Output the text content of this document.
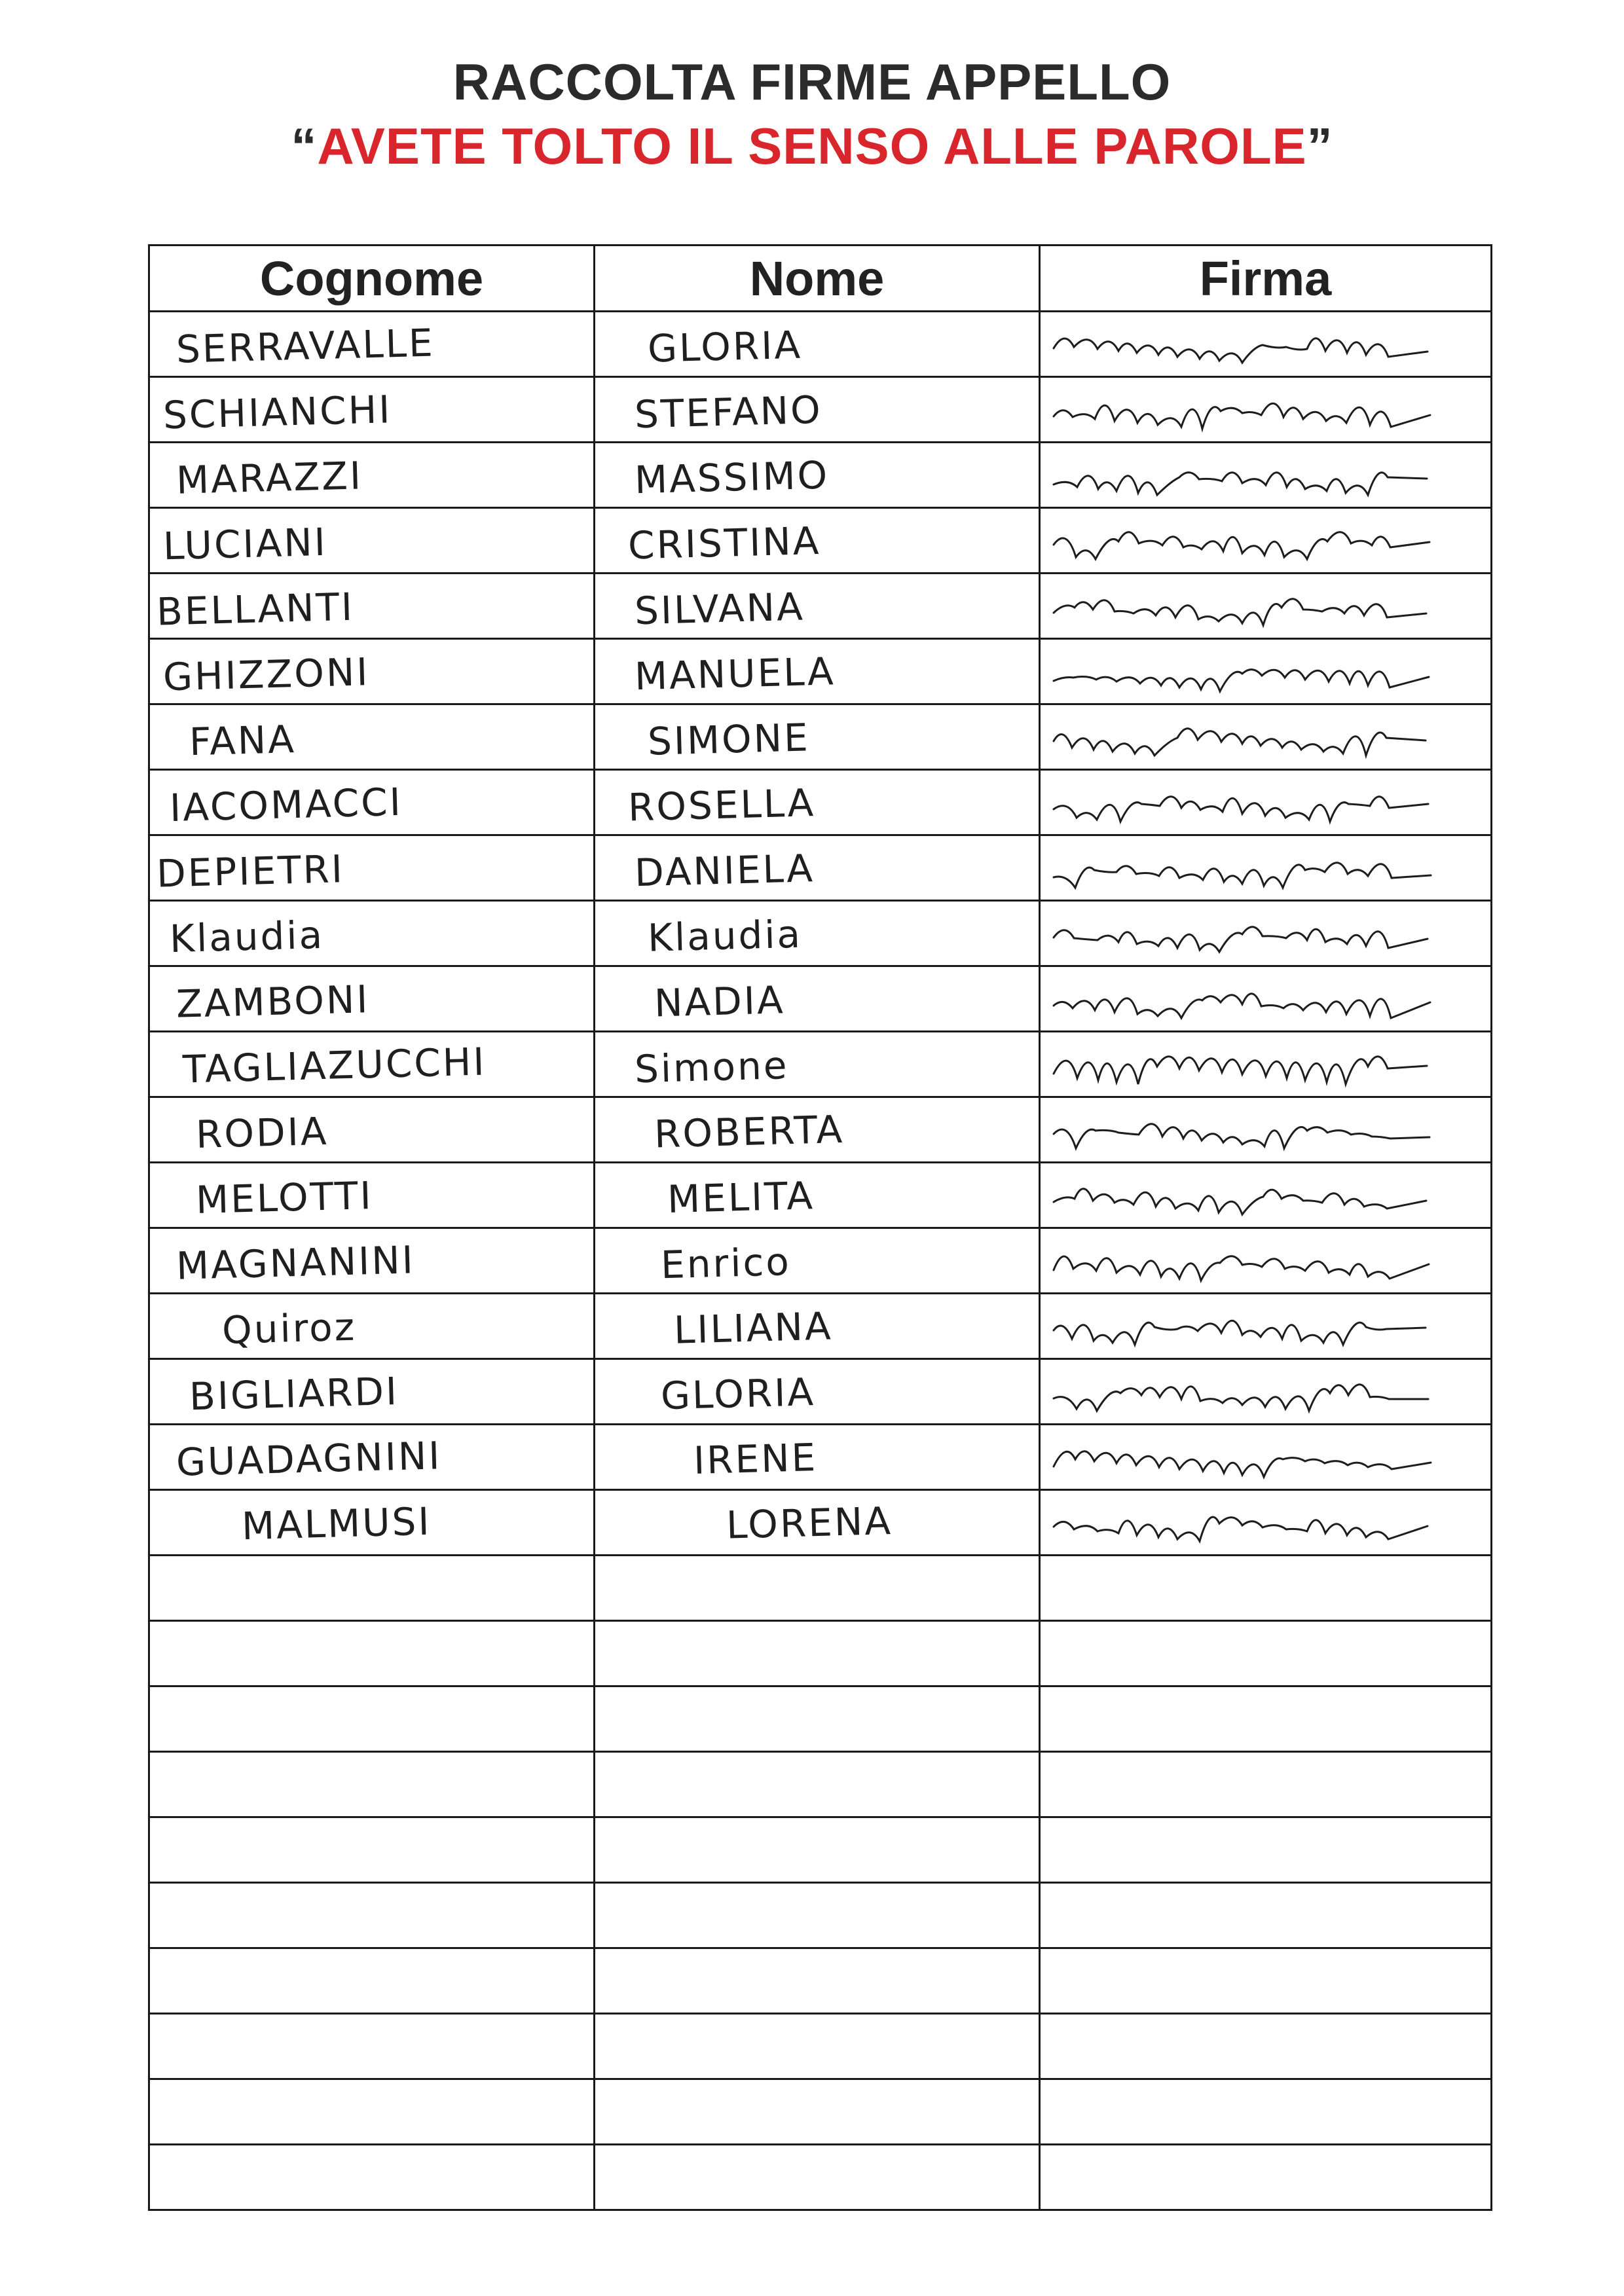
RACCOLTA FIRME APPELLO
“AVETE TOLTO IL SENSO ALLE PAROLE”
Cognome	Nome	Firma

SERRAVALLE	GLORIA

SCHIANCHI	STEFANO

MARAZZI	MASSIMO

LUCIANI	CRISTINA

BELLANTI	SILVANA

GHIZZONI	MANUELA

FANA	SIMONE

IACOMACCI	ROSELLA

DEPIETRI	DANIELA

Klaudia	Klaudia

ZAMBONI	NADIA

TAGLIAZUCCHI	Simone

RODIA	ROBERTA

MELOTTI	MELITA

MAGNANINI	Enrico

Quiroz	LILIANA

BIGLIARDI	GLORIA

GUADAGNINI	IRENE

MALMUSI	LORENA
